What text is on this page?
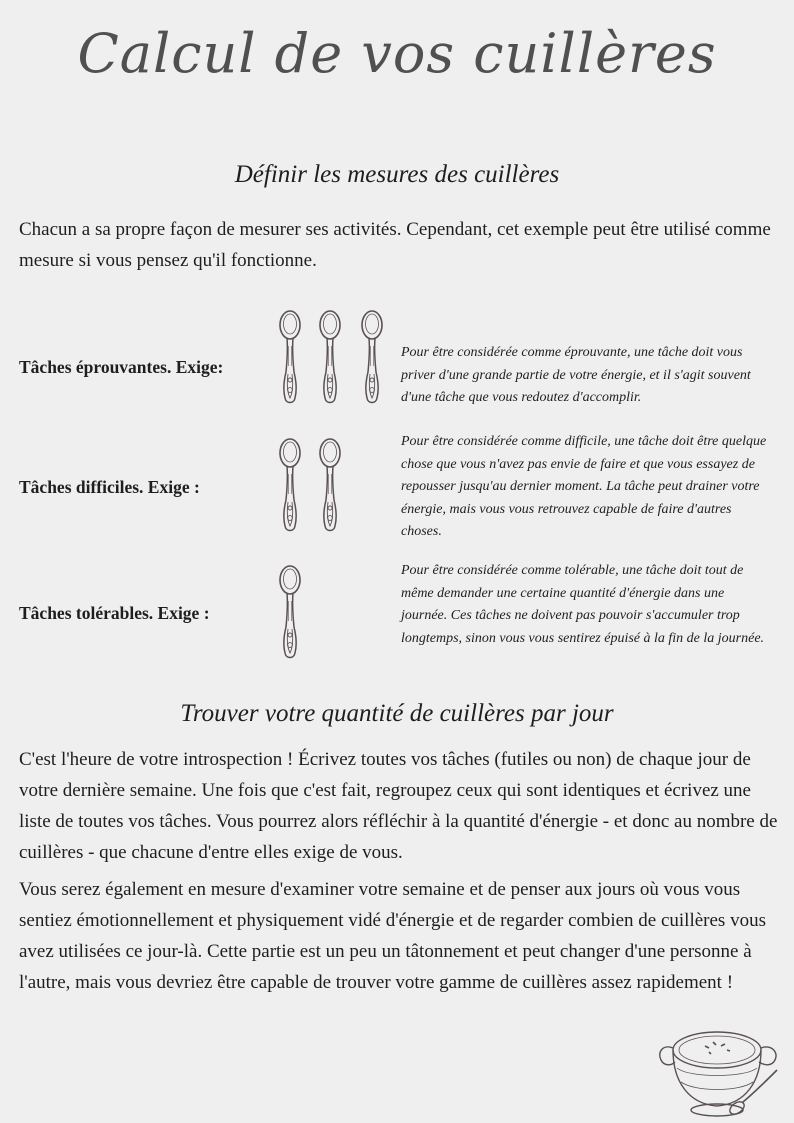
Calcul de vos cuillères
Définir les mesures des cuillères

Chacun a sa propre façon de mesurer ses activités. Cependant, cet exemple peut être utilisé comme mesure si vous pensez qu'il fonctionne.

Tâches éprouvantes. Exige:

Pour être considérée comme éprouvante, une tâche doit vous priver d'une grande partie de votre énergie, et il s'agit souvent d'une tâche que vous redoutez d'accomplir.

Tâches difficiles. Exige :

Pour être considérée comme difficile, une tâche doit être quelque chose que vous n'avez pas envie de faire et que vous essayez de repousser jusqu'au dernier moment. La tâche peut drainer votre énergie, mais vous vous retrouvez capable de faire d'autres choses.

Tâches tolérables. Exige :

Pour être considérée comme tolérable, une tâche doit tout de même demander une certaine quantité d'énergie dans une journée. Ces tâches ne doivent pas pouvoir s'accumuler trop longtemps, sinon vous vous sentirez épuisé à la fin de la journée.

Trouver votre quantité de cuillères par jour

C'est l'heure de votre introspection ! Écrivez toutes vos tâches (futiles ou non) de chaque jour de votre dernière semaine. Une fois que c'est fait, regroupez ceux qui sont identiques et écrivez une liste de toutes vos tâches. Vous pourrez alors réfléchir à la quantité d'énergie - et donc au nombre de cuillères - que chacune d'entre elles exige de vous.

Vous serez également en mesure d'examiner votre semaine et de penser aux jours où vous vous sentiez émotionnellement et physiquement vidé d'énergie et de regarder combien de cuillères vous avez utilisées ce jour-là. Cette partie est un peu un tâtonnement et peut changer d'une personne à l'autre, mais vous devriez être capable de trouver votre gamme de cuillères assez rapidement !
